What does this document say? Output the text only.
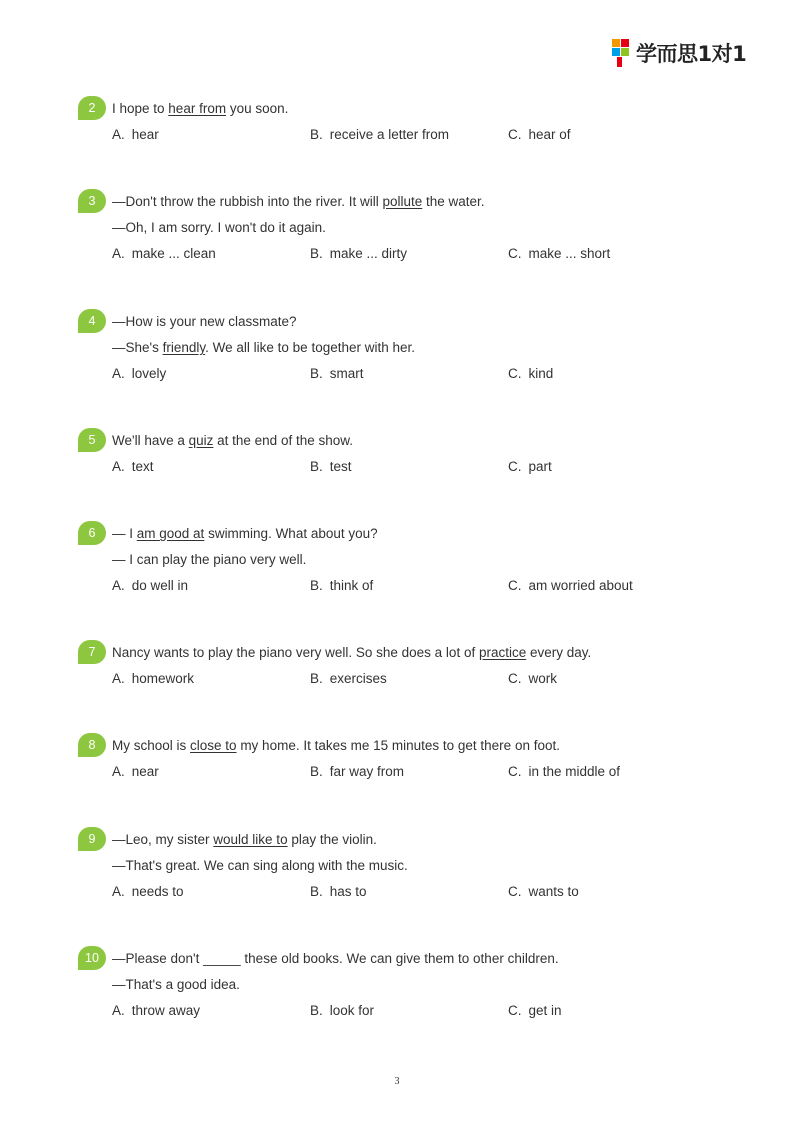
学而思1对1
2	I hope to hear from you soon.
A. hear	B. receive a letter from	C. hear of
3	—Don't throw the rubbish into the river. It will pollute the water.
—Oh, I am sorry. I won't do it again.
A. make ... clean	B. make ... dirty	C. make ... short
4	—How is your new classmate?
—She's friendly. We all like to be together with her.
A. lovely	B. smart	C. kind
5	We'll have a quiz at the end of the show.
A. text	B. test	C. part
6	— I am good at swimming. What about you?
— I can play the piano very well.
A. do well in	B. think of	C. am worried about
7	Nancy wants to play the piano very well. So she does a lot of practice every day.
A. homework	B. exercises	C. work
8	My school is close to my home. It takes me 15 minutes to get there on foot.
A. near	B. far way from	C. in the middle of
9	—Leo, my sister would like to play the violin.
—That's great. We can sing along with the music.
A. needs to	B. has to	C. wants to
10 —Please don't _____ these old books. We can give them to other children.
—That's a good idea.
A. throw away	B. look for	C. get in
3
